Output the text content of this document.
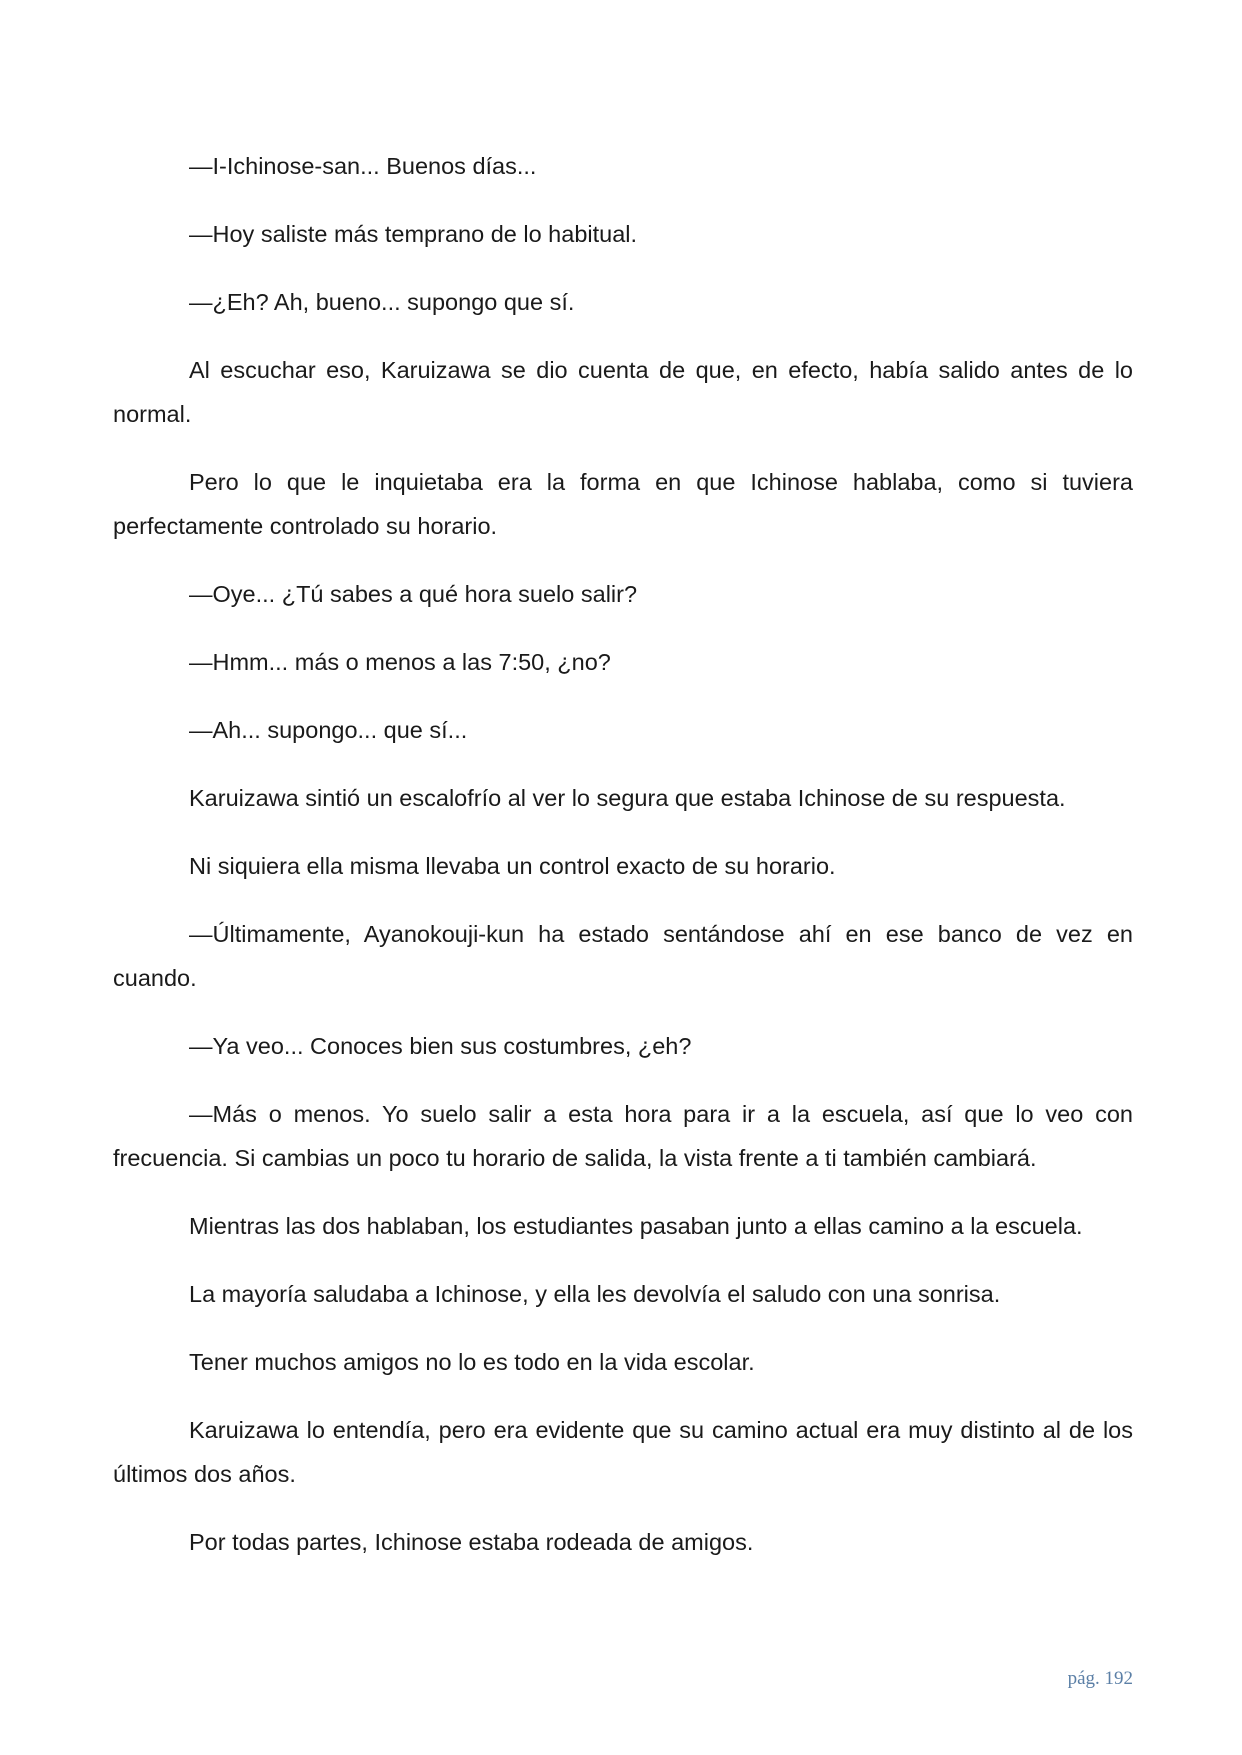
—I-Ichinose-san... Buenos días...

—Hoy saliste más temprano de lo habitual.

—¿Eh? Ah, bueno... supongo que sí.

Al escuchar eso, Karuizawa se dio cuenta de que, en efecto, había salido antes de lo normal.

Pero lo que le inquietaba era la forma en que Ichinose hablaba, como si tuviera perfectamente controlado su horario.

—Oye... ¿Tú sabes a qué hora suelo salir?

—Hmm... más o menos a las 7:50, ¿no?

—Ah... supongo... que sí...

Karuizawa sintió un escalofrío al ver lo segura que estaba Ichinose de su respuesta.

Ni siquiera ella misma llevaba un control exacto de su horario.

—Últimamente, Ayanokouji-kun ha estado sentándose ahí en ese banco de vez en cuando.

—Ya veo... Conoces bien sus costumbres, ¿eh?

—Más o menos. Yo suelo salir a esta hora para ir a la escuela, así que lo veo con frecuencia. Si cambias un poco tu horario de salida, la vista frente a ti también cambiará.

Mientras las dos hablaban, los estudiantes pasaban junto a ellas camino a la escuela.

La mayoría saludaba a Ichinose, y ella les devolvía el saludo con una sonrisa.

Tener muchos amigos no lo es todo en la vida escolar.

Karuizawa lo entendía, pero era evidente que su camino actual era muy distinto al de los últimos dos años.

Por todas partes, Ichinose estaba rodeada de amigos.

pág. 192
